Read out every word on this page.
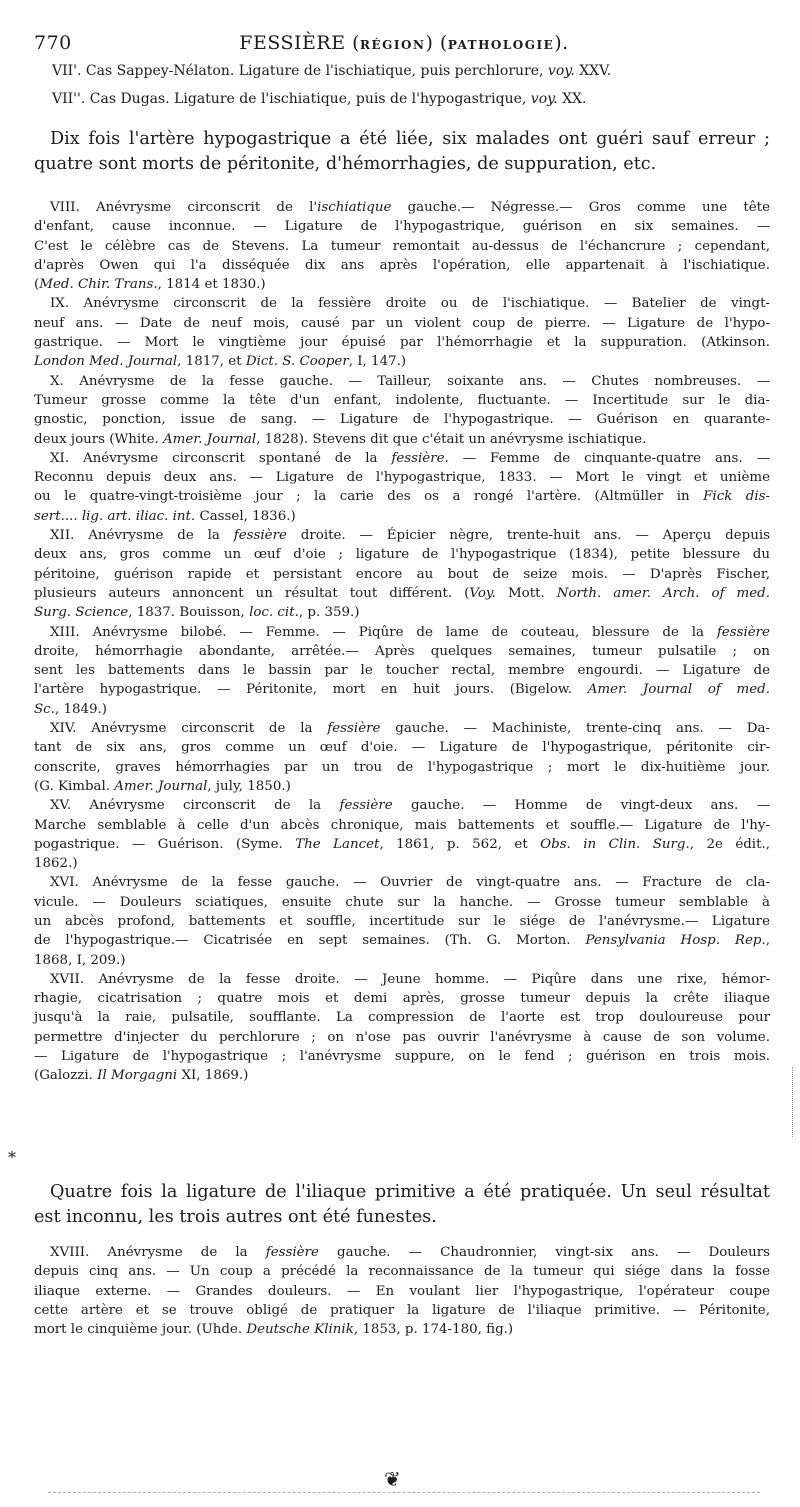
770	FESSIÈRE (RÉGION) (PATHOLOGIE).
VII'. Cas Sappey-Nélaton. Ligature de l'ischiatique, puis perchlorure, voy. XXV.
VII''. Cas Dugas. Ligature de l'ischiatique, puis de l'hypogastrique, voy. XX.
Dix fois l'artère hypogastrique a été liée, six malades ont guéri sauf erreur ;
quatre sont morts de péritonite, d'hémorrhagies, de suppuration, etc.
VIII. Anévrysme circonscrit de l'ischiatique gauche.— Négresse.— Gros comme une tête
d'enfant, cause inconnue. — Ligature de l'hypogastrique, guérison en six semaines. —
C'est le célèbre cas de Stevens. La tumeur remontait au-dessus de l'échancrure ; cependant,
d'après Owen qui l'a disséquée dix ans après l'opération, elle appartenait à l'ischiatique.
(Med. Chir. Trans., 1814 et 1830.)
IX. Anévrysme circonscrit de la fessière droite ou de l'ischiatique. — Batelier de vingt-
neuf ans. — Date de neuf mois, causé par un violent coup de pierre. — Ligature de l'hypo-
gastrique. — Mort le vingtième jour épuisé par l'hémorrhagie et la suppuration. (Atkinson.
London Med. Journal, 1817, et Dict. S. Cooper, I, 147.)
X. Anévrysme de la fesse gauche. — Tailleur, soixante ans. — Chutes nombreuses. —
Tumeur grosse comme la tête d'un enfant, indolente, fluctuante. — Incertitude sur le dia-
gnostic, ponction, issue de sang. — Ligature de l'hypogastrique. — Guérison en quarante-
deux jours (White. Amer. Journal, 1828). Stevens dit que c'était un anévrysme ischiatique.
XI. Anévrysme circonscrit spontané de la fessière. — Femme de cinquante-quatre ans. —
Reconnu depuis deux ans. — Ligature de l'hypogastrique, 1833. — Mort le vingt et unième
ou le quatre-vingt-troisième jour ; la carie des os a rongé l'artère. (Altmüller in Fick dis-
sert.... lig. art. iliac. int. Cassel, 1836.)
XII. Anévrysme de la fessière droite. — Épicier nègre, trente-huit ans. — Aperçu depuis
deux ans, gros comme un œuf d'oie ; ligature de l'hypogastrique (1834), petite blessure du
péritoine, guérison rapide et persistant encore au bout de seize mois. — D'après Fischer,
plusieurs auteurs annoncent un résultat tout différent. (Voy. Mott. North. amer. Arch. of med.
Surg. Science, 1837. Bouisson, loc. cit., p. 359.)
XIII. Anévrysme bilobé. — Femme. — Piqûre de lame de couteau, blessure de la fessière
droite, hémorrhagie abondante, arrêtée.— Après quelques semaines, tumeur pulsatile ; on
sent les battements dans le bassin par le toucher rectal, membre engourdi. — Ligature de
l'artère hypogastrique. — Péritonite, mort en huit jours. (Bigelow. Amer. Journal of med.
Sc., 1849.)
XIV. Anévrysme circonscrit de la fessière gauche. — Machiniste, trente-cinq ans. — Da-
tant de six ans, gros comme un œuf d'oie. — Ligature de l'hypogastrique, péritonite cir-
conscrite, graves hémorrhagies par un trou de l'hypogastrique ; mort le dix-huitième jour.
(G. Kimbal. Amer. Journal, july, 1850.)
XV. Anévrysme circonscrit de la fessière gauche. — Homme de vingt-deux ans. —
Marche semblable à celle d'un abcès chronique, mais battements et souffle.— Ligature de l'hy-
pogastrique. — Guérison. (Syme. The Lancet, 1861, p. 562, et Obs. in Clin. Surg., 2e édit.,
1862.)
XVI. Anévrysme de la fesse gauche. — Ouvrier de vingt-quatre ans. — Fracture de cla-
vicule. — Douleurs sciatiques, ensuite chute sur la hanche. — Grosse tumeur semblable à
un abcès profond, battements et souffle, incertitude sur le siége de l'anévrysme.— Ligature
de l'hypogastrique.— Cicatrisée en sept semaines. (Th. G. Morton. Pensylvania Hosp. Rep.,
1868, I, 209.)
XVII. Anévrysme de la fesse droite. — Jeune homme. — Piqûre dans une rixe, hémor-
rhagie, cicatrisation ; quatre mois et demi après, grosse tumeur depuis la crête iliaque
jusqu'à la raie, pulsatile, soufflante. La compression de l'aorte est trop douloureuse pour
permettre d'injecter du perchlorure ; on n'ose pas ouvrir l'anévrysme à cause de son volume.
— Ligature de l'hypogastrique ; l'anévrysme suppure, on le fend ; guérison en trois mois.
(Galozzi. Il Morgagni XI, 1869.)
*
Quatre fois la ligature de l'iliaque primitive a été pratiquée. Un seul résultat
est inconnu, les trois autres ont été funestes.
XVIII. Anévrysme de la fessière gauche. — Chaudronnier, vingt-six ans. — Douleurs
depuis cinq ans. — Un coup a précédé la reconnaissance de la tumeur qui siége dans la fosse
iliaque externe. — Grandes douleurs. — En voulant lier l'hypogastrique, l'opérateur coupe
cette artère et se trouve obligé de pratiquer la ligature de l'iliaque primitive. — Péritonite,
mort le cinquième jour. (Uhde. Deutsche Klinik, 1853, p. 174-180, fig.)
❦
